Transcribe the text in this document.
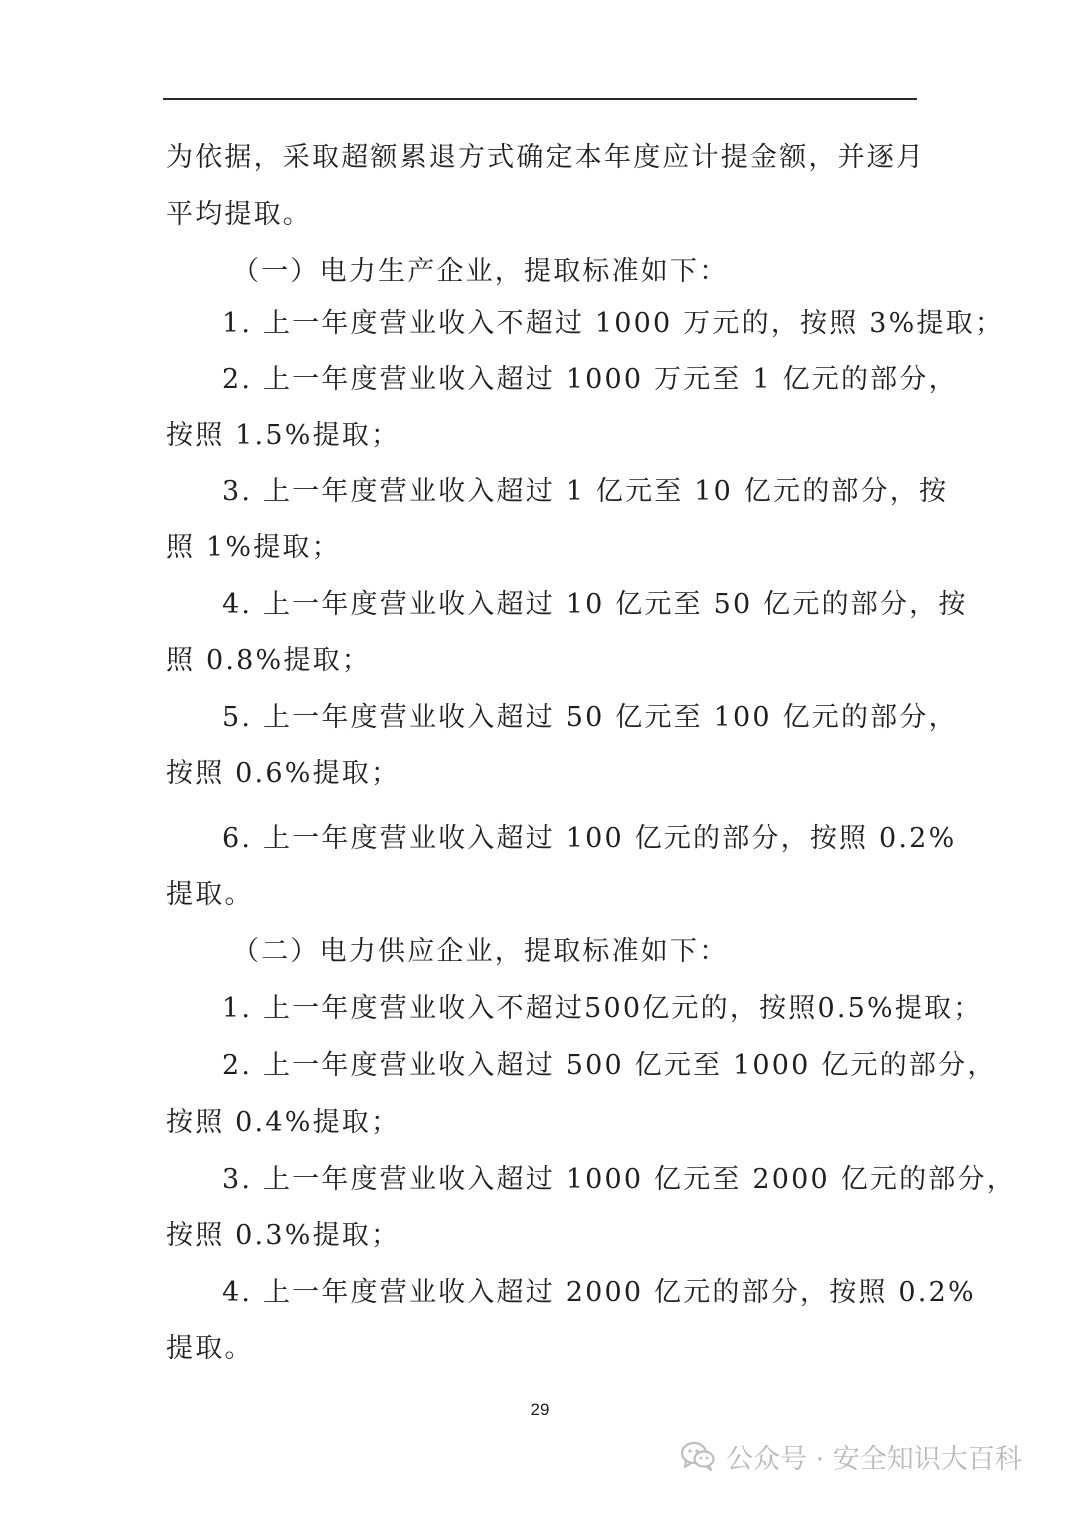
为依据，采取超额累退方式确定本年度应计提金额，并逐月
平均提取。
（一）电力生产企业，提取标准如下：
1. 上一年度营业收入不超过 1000 万元的，按照 3%提取；
2. 上一年度营业收入超过 1000 万元至 1 亿元的部分，
按照 1.5%提取；
3. 上一年度营业收入超过 1 亿元至 10 亿元的部分，按
照 1%提取；
4. 上一年度营业收入超过 10 亿元至 50 亿元的部分，按
照 0.8%提取；
5. 上一年度营业收入超过 50 亿元至 100 亿元的部分，
按照 0.6%提取；
6. 上一年度营业收入超过 100 亿元的部分，按照 0.2%
提取。
（二）电力供应企业，提取标准如下：
1. 上一年度营业收入不超过500亿元的，按照0.5%提取；
2. 上一年度营业收入超过 500 亿元至 1000 亿元的部分，
按照 0.4%提取；
3. 上一年度营业收入超过 1000 亿元至 2000 亿元的部分，
按照 0.3%提取；
4. 上一年度营业收入超过 2000 亿元的部分，按照 0.2%
提取。
29
公众号 · 安全知识大百科
